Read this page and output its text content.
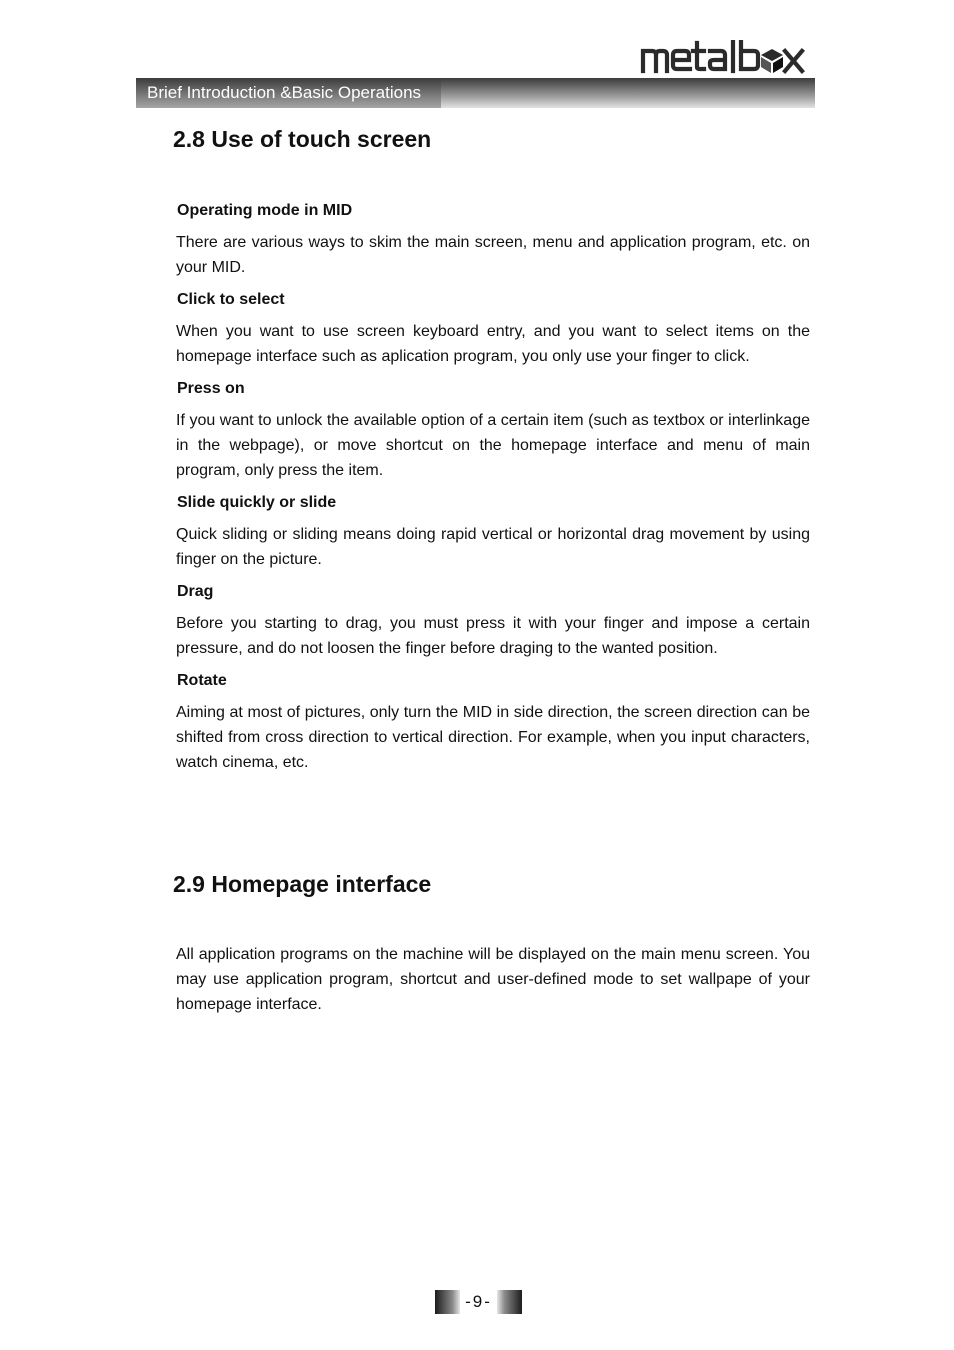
Brief Introduction &Basic Operations
2.8 Use of touch screen
Operating mode in MID

There are various ways to skim the main screen, menu and application program, etc. on your MID.

Click to select

When you want to use screen keyboard entry, and you want to select items on the homepage interface such as aplication program, you only use your finger to click.

Press on

If you want to unlock the available option of a certain item (such as textbox or interlinkage in the webpage), or move shortcut on the homepage interface and menu of main program, only press the item.

Slide quickly or slide

Quick sliding or sliding means doing rapid vertical or horizontal drag movement by using finger on the picture.

Drag

Before you starting to drag, you must press it with your finger and impose a certain pressure, and do not loosen the finger before draging to the wanted position.

Rotate

Aiming at most of pictures, only turn the MID in side direction, the screen direction can be shifted from cross direction to vertical direction. For example, when you input characters, watch cinema, etc.

2.9 Homepage interface

All application programs on the machine will be displayed on the main menu screen. You may use application program, shortcut and user-defined mode to set wallpape of your homepage interface.

-9-
